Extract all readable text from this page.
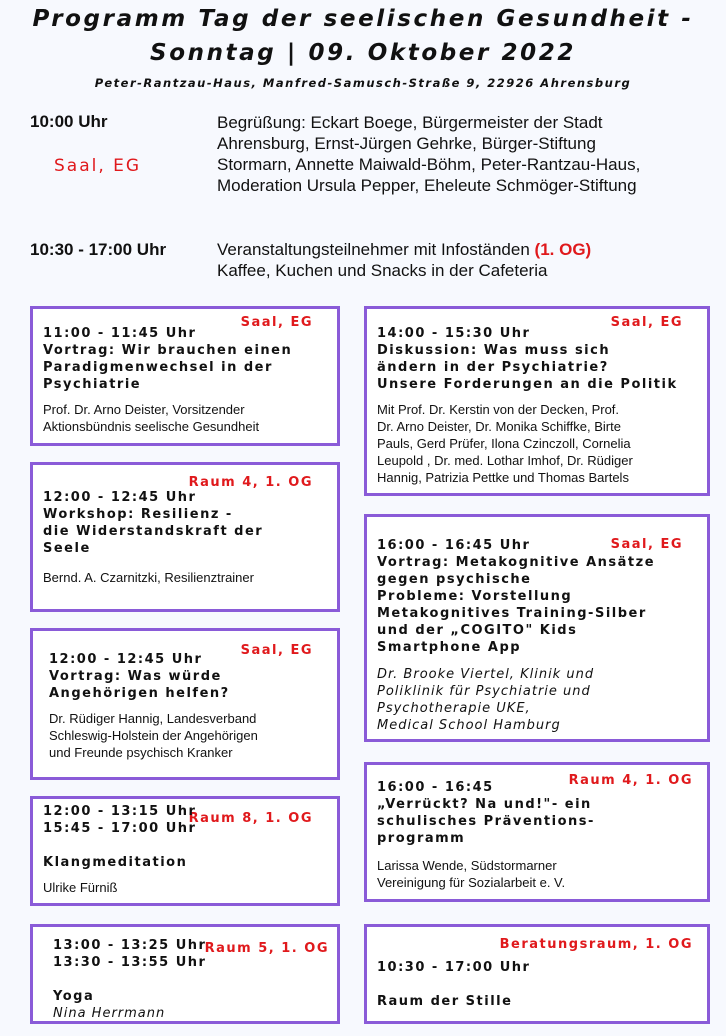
Programm Tag der seelischen Gesundheit -
Sonntag | 09. Oktober 2022
Peter-Rantzau-Haus, Manfred-Samusch-Straße 9, 22926 Ahrensburg
10:00 Uhr
Saal, EG
Begrüßung: Eckart Boege, Bürgermeister der Stadt
Ahrensburg, Ernst-Jürgen Gehrke, Bürger-Stiftung
Stormarn, Annette Maiwald-Böhm, Peter-Rantzau-Haus,
Moderation Ursula Pepper, Eheleute Schmöger-Stiftung
10:30 - 17:00 Uhr	Veranstaltungsteilnehmer mit Infoständen (1. OG)
Kaffee, Kuchen und Snacks in der Cafeteria
Saal, EG
11:00 - 11:45 Uhr
Vortrag: Wir brauchen einen
Paradigmenwechsel in der
Psychiatrie
Prof. Dr. Arno Deister, Vorsitzender
Aktionsbündnis seelische Gesundheit
Raum 4, 1. OG
12:00 - 12:45 Uhr
Workshop: Resilienz -
die Widerstandskraft der
Seele
Bernd. A. Czarnitzki, Resilienztrainer
Saal, EG
12:00 - 12:45 Uhr
Vortrag: Was würde
Angehörigen helfen?
Dr. Rüdiger Hannig, Landesverband
Schleswig-Holstein der Angehörigen
und Freunde psychisch Kranker
Raum 8, 1. OG
12:00 - 13:15 Uhr
15:45 - 17:00 Uhr
Klangmeditation
Ulrike Fürniß
Raum 5, 1. OG
13:00 - 13:25 Uhr
13:30 - 13:55 Uhr
Yoga
Nina Herrmann
Saal, EG
14:00 - 15:30 Uhr
Diskussion: Was muss sich
ändern in der Psychiatrie?
Unsere Forderungen an die Politik
Mit Prof. Dr. Kerstin von der Decken, Prof.
Dr. Arno Deister, Dr. Monika Schiffke, Birte
Pauls, Gerd Prüfer, Ilona Czinczoll, Cornelia
Leupold , Dr. med. Lothar Imhof, Dr. Rüdiger
Hannig, Patrizia Pettke und Thomas Bartels
Saal, EG
16:00 - 16:45 Uhr
Vortrag: Metakognitive Ansätze
gegen psychische
Probleme: Vorstellung
Metakognitives Training-Silber
und der „COGITO" Kids
Smartphone App
Dr. Brooke Viertel, Klinik und
Poliklinik für Psychiatrie und
Psychotherapie UKE,
Medical School Hamburg
Raum 4, 1. OG
16:00 - 16:45
„Verrückt? Na und!"- ein
schulisches Präventions-
programm
Larissa Wende, Südstormarner
Vereinigung für Sozialarbeit e. V.
Beratungsraum, 1. OG
10:30 - 17:00 Uhr
Raum der Stille
